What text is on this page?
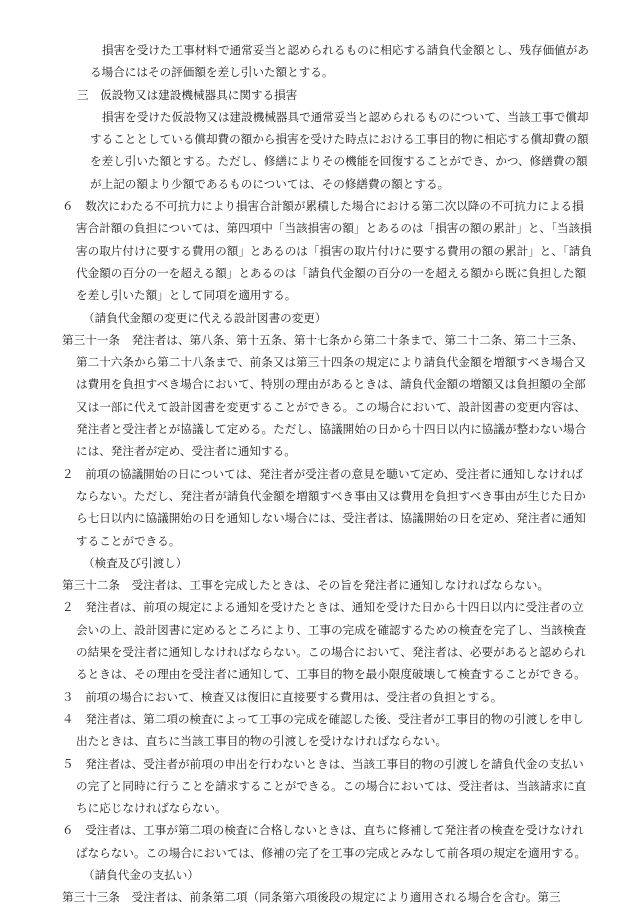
損害を受けた工事材料で通常妥当と認められるものに相応する請負代金額とし、残存価値がある場合にはその評価額を差し引いた額とする。
三　仮設物又は建設機械器具に関する損害
損害を受けた仮設物又は建設機械器具で通常妥当と認められるものについて、当該工事で償却することとしている償却費の額から損害を受けた時点における工事目的物に相応する償却費の額を差し引いた額とする。ただし、修繕によりその機能を回復することができ、かつ、修繕費の額が上記の額より少額であるものについては、その修繕費の額とする。
６　数次にわたる不可抗力により損害合計額が累積した場合における第二次以降の不可抗力による損害合計額の負担については、第四項中「当該損害の額」とあるのは「損害の額の累計」と、「当該損害の取片付けに要する費用の額」とあるのは「損害の取片付けに要する費用の額の累計」と、「請負代金額の百分の一を超える額」とあるのは「請負代金額の百分の一を超える額から既に負担した額を差し引いた額」として同項を適用する。
（請負代金額の変更に代える設計図書の変更）
第三十一条　発注者は、第八条、第十五条、第十七条から第二十条まで、第二十二条、第二十三条、第二十六条から第二十八条まで、前条又は第三十四条の規定により請負代金額を増額すべき場合又は費用を負担すべき場合において、特別の理由があるときは、請負代金額の増額又は負担額の全部又は一部に代えて設計図書を変更することができる。この場合において、設計図書の変更内容は、発注者と受注者とが協議して定める。ただし、協議開始の日から十四日以内に協議が整わない場合には、発注者が定め、受注者に通知する。
２　前項の協議開始の日については、発注者が受注者の意見を聴いて定め、受注者に通知しなければならない。ただし、発注者が請負代金額を増額すべき事由又は費用を負担すべき事由が生じた日から七日以内に協議開始の日を通知しない場合には、受注者は、協議開始の日を定め、発注者に通知することができる。
（検査及び引渡し）
第三十二条　受注者は、工事を完成したときは、その旨を発注者に通知しなければならない。
２　発注者は、前項の規定による通知を受けたときは、通知を受けた日から十四日以内に受注者の立会いの上、設計図書に定めるところにより、工事の完成を確認するための検査を完了し、当該検査の結果を受注者に通知しなければならない。この場合において、発注者は、必要があると認められるときは、その理由を受注者に通知して、工事目的物を最小限度破壊して検査することができる。
３　前項の場合において、検査又は復旧に直接要する費用は、受注者の負担とする。
４　発注者は、第二項の検査によって工事の完成を確認した後、受注者が工事目的物の引渡しを申し出たときは、直ちに当該工事目的物の引渡しを受けなければならない。
５　発注者は、受注者が前項の申出を行わないときは、当該工事目的物の引渡しを請負代金の支払いの完了と同時に行うことを請求することができる。この場合においては、受注者は、当該請求に直ちに応じなければならない。
６　受注者は、工事が第二項の検査に合格しないときは、直ちに修補して発注者の検査を受けなければならない。この場合においては、修補の完了を工事の完成とみなして前各項の規定を適用する。
（請負代金の支払い）
第三十三条　受注者は、前条第二項（同条第六項後段の規定により適用される場合を含む。第三
